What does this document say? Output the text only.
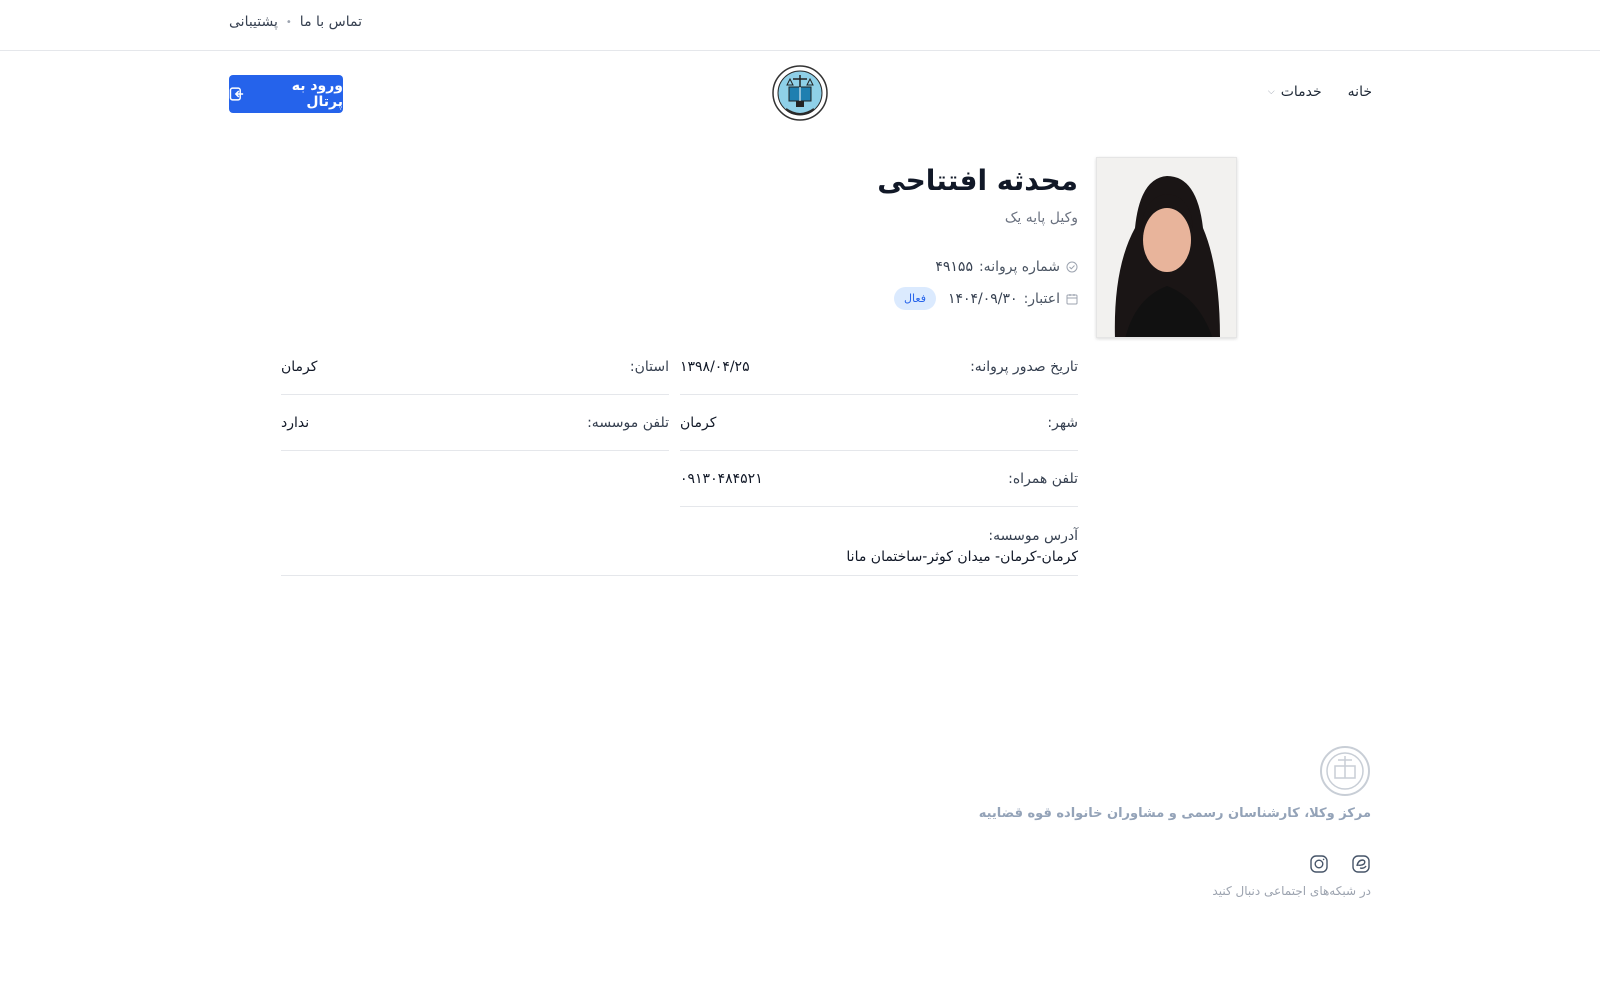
پشتیبانی • تماس با ما
خانه
خدمات
⌵
ورود به پرتال
محدثه افتتاحی
وکیل پایه یک
شماره پروانه:
۴۹۱۵۵
اعتبار:
۱۴۰۴/۰۹/۳۰
فعال
تاریخ صدور پروانه:
۱۳۹۸/۰۴/۲۵
استان:
کرمان
شهر:
کرمان
تلفن موسسه:
ندارد
تلفن همراه:
۰۹۱۳۰۴۸۴۵۲۱
آدرس موسسه:
کرمان-کرمان- میدان کوثر-ساختمان مانا
مرکز وکلا، کارشناسان رسمی و مشاوران خانواده قوه قضاییه
در شبکه‌های اجتماعی دنبال کنید
